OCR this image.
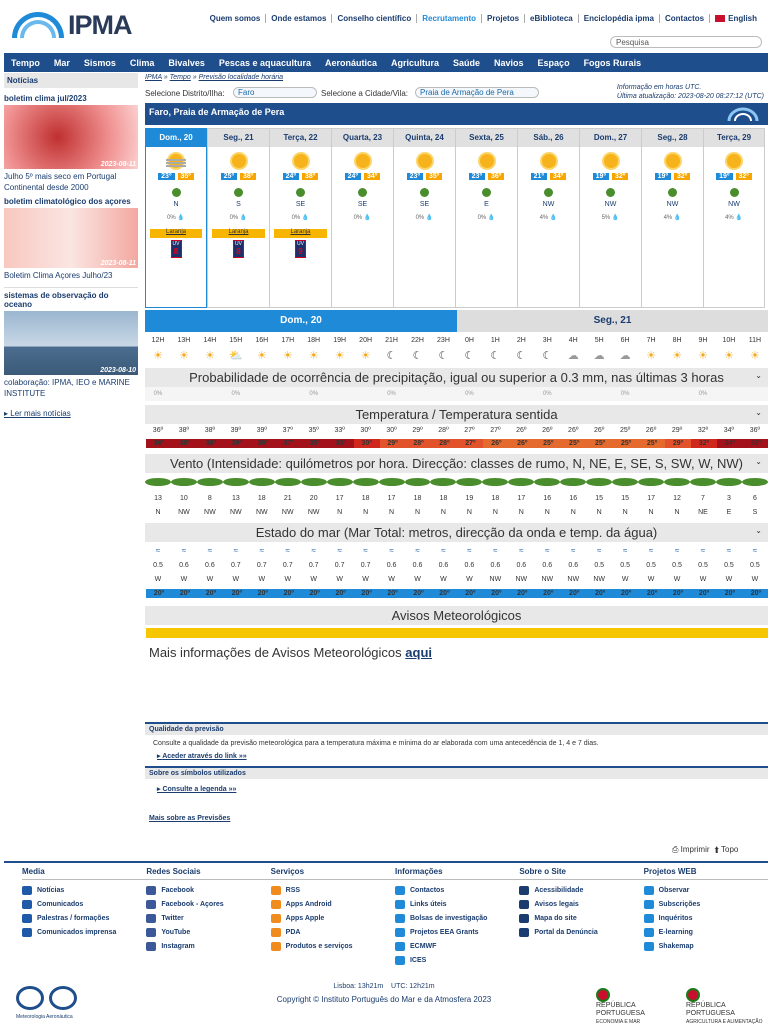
IPMA	Quem somos	Onde estamos	Conselho científico	Recrutamento	Projetos	eBiblioteca	Enciclopédia ipma	Contactos	English
Pesquisa
Tempo	Mar	Sismos	Clima	Bivalves	Pescas e aquacultura	Aeronáutica	Agricultura	Saúde	Navios	Espaço	Fogos Rurais
Notícias
boletim clima jul/2023
2023-08-11
Julho 5º mais seco em Portugal Continental desde 2000
boletim climatológico dos açores
2023-08-11
Boletim Clima Açores Julho/23
sistemas de observação do oceano
2023-08-10
colaboração: IPMA, IEO e MARINE INSTITUTE
▸ Ler mais notícias
IPMA » Tempo » Previsão localidade horária
Selecione Distrito/Ilha:	Faro	Selecione a Cidade/Vila:	Praia de Armação de Pera
Informação em horas UTC.
Última atualização: 2023-08-20 08:27:12 (UTC)
Faro, Praia de Armação de Pera
Dom., 20
23º	35º
N
0% 💧
Laranja
UV
8
Seg., 21
25º	38º
S
0% 💧
Laranja
UV
8
Terça, 22
24º	38º
SE
0% 💧
Laranja
UV
9
Quarta, 23
24º	34º
SE
0% 💧
Quinta, 24
23º	35º
SE
0% 💧
Sexta, 25
23º	36º
E
0% 💧
Sáb., 26
21º	34º
NW
4% 💧
Dom., 27
19º	32º
NW
5% 💧
Seg., 28
19º	32º
NW
4% 💧
Terça, 29
19º	32º
NW
4% 💧
Dom., 20	Seg., 21
12H	13H	14H	15H	16H	17H	18H	19H	20H	21H	22H	23H	0H	1H	2H	3H	4H	5H	6H	7H	8H	9H	10H	11H
☀	☀	☀	⛅	☀	☀	☀	☀	☀	☾	☾	☾	☾	☾	☾	☾	☁	☁	☁	☀	☀	☀	☀	☀
Probabilidade de ocorrência de precipitação, igual ou superior a 0.3 mm, nas últimas 3 horas	⌄
0%	0%	0%	0%	0%	0%	0%	0%
Temperatura / Temperatura sentida	⌄
36º	38º	38º	39º	39º	37º	35º	33º	30º	30º	29º	28º	27º	27º	26º	26º	26º	26º	25º	26º	29º	32º	34º	36º
36º	38º	38º	39º	39º	37º	35º	33º	30º	29º	28º	28º	27º	26º	26º	25º	25º	25º	25º	25º	29º	32º	34º	36º
Vento (Intensidade: quilómetros por hora. Direcção: classes de rumo, N, NE, E, SE, S, SW, W, NW) ⌄
13	10	8	13	18	21	20	17	18	17	18	18	19	18	17	16	16	15	15	17	12	7	3	6
N	NW	NW	NW	NW	NW	NW	N	N	N	N	N	N	N	N	N	N	N	N	N	N	NE	E	S
Estado do mar (Mar Total: metros, direcção da onda e temp. da água)	⌄
≈	≈	≈	≈	≈	≈	≈	≈	≈	≈	≈	≈	≈	≈	≈	≈	≈	≈	≈	≈	≈	≈	≈	≈
0.5	0.6	0.6	0.7	0.7	0.7	0.7	0.7	0.7	0.6	0.6	0.6	0.6	0.6	0.6	0.6	0.6	0.5	0.5	0.5	0.5	0.5	0.5	0.5
W	W	W	W	W	W	W	W	W	W	W	W	W	NW	NW	NW	NW	NW	W	W	W	W	W	W
20º	20º	20º	20º	20º	20º	20º	20º	20º	20º	20º	20º	20º	20º	20º	20º	20º	20º	20º	20º	20º	20º	20º	20º
Avisos Meteorológicos
Mais informações de Avisos Meteorológicos aqui
Qualidade da previsão
Consulte a qualidade da previsão meteorológica para a temperatura máxima e mínima do ar elaborada com uma antecedência de 1, 4 e 7 dias.
▸ Aceder através do link »»
Sobre os símbolos utilizados
▸ Consulte a legenda »»
Mais sobre as Previsões
⎙ Imprimir ⬆ Topo
Media
Notícias
Comunicados
Palestras / formações
Comunicados imprensa
Redes Sociais
Facebook
Facebook - Açores
Twitter
YouTube
Instagram
Serviços
RSS
Apps Android
Apps Apple
PDA
Produtos e serviços
Informações
Contactos
Links úteis
Bolsas de investigação
Projetos EEA Grants
ECMWF
ICES
Sobre o Site
Acessibilidade
Avisos legais
Mapa do site
Portal da Denúncia
Projetos WEB
Observar
Subscrições
Inquéritos
E-learning
Shakemap
Meteorologia Aeronáutica
Lisboa: 13h21m UTC: 12h21m
Copyright © Instituto Português do Mar e da Atmosfera 2023
REPÚBLICA PORTUGUESA
ECONOMIA E MAR
REPÚBLICA PORTUGUESA
AGRICULTURA E ALIMENTAÇÃO
